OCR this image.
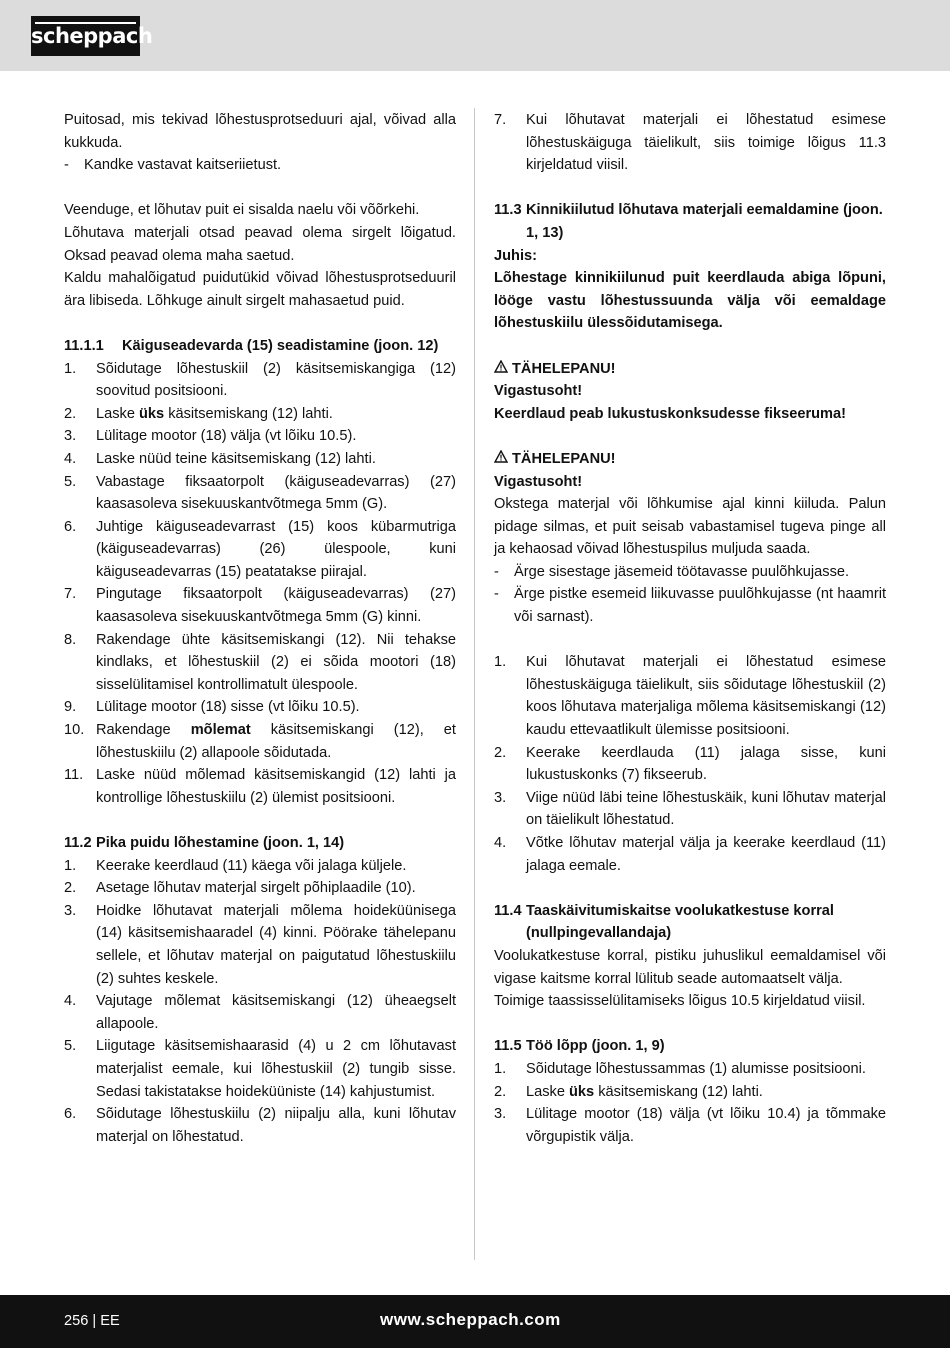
scheppach

Puitosad, mis tekivad lõhestusprotseduuri ajal, võivad alla kukkuda.

-	Kandke vastavat kaitseriietust.

Veenduge, et lõhutav puit ei sisalda naelu või võõrkehi.

Lõhutava materjali otsad peavad olema sirgelt lõigatud. Oksad peavad olema maha saetud.

Kaldu mahalõigatud puidutükid võivad lõhestusprotseduuril ära libiseda. Lõhkuge ainult sirgelt mahasaetud puid.

11.1.1	Käiguseadevarda (15) seadistamine (joon. 12)
1.	Sõidutage lõhestuskiil (2) käsitsemiskangiga (12) soovitud positsiooni.
2.	Laske üks käsitsemiskang (12) lahti.
3.	Lülitage mootor (18) välja (vt lõiku 10.5).
4.	Laske nüüd teine käsitsemiskang (12) lahti.
5.	Vabastage fiksaatorpolt (käiguseadevarras) (27) kaasasoleva sisekuuskantvõtmega 5mm (G).
6.	Juhtige käiguseadevarrast (15) koos kübarmutriga (käiguseadevarras) (26) ülespoole, kuni käiguseadevarras (15) peatatakse piirajal.
7.	Pingutage fiksaatorpolt (käiguseadevarras) (27) kaasasoleva sisekuuskantvõtmega 5mm (G) kinni.
8.	Rakendage ühte käsitsemiskangi (12). Nii tehakse kindlaks, et lõhestuskiil (2) ei sõida mootori (18) sisselülitamisel kontrollimatult ülespoole.
9.	Lülitage mootor (18) sisse (vt lõiku 10.5).
10. Rakendage mõlemat käsitsemiskangi (12), et lõhestuskiilu (2) allapoole sõidutada.
11. Laske nüüd mõlemad käsitsemiskangid (12) lahti ja kontrollige lõhestuskiilu (2) ülemist positsiooni.
11.2 Pika puidu lõhestamine (joon. 1, 14)
1.	Keerake keerdlaud (11) käega või jalaga küljele.
2.	Asetage lõhutav materjal sirgelt põhiplaadile (10).
3.	Hoidke lõhutavat materjali mõlema hoideküünisega (14) käsitsemishaaradel (4) kinni. Pöörake tähelepanu sellele, et lõhutav materjal on paigutatud lõhestuskiilu (2) suhtes keskele.
4.	Vajutage mõlemat käsitsemiskangi (12) üheaegselt allapoole.
5.	Liigutage käsitsemishaarasid (4) u 2 cm lõhutavast materjalist eemale, kui lõhestuskiil (2) tungib sisse. Sedasi takistatakse hoideküüniste (14) kahjustumist.
6.	Sõidutage lõhestuskiilu (2) niipalju alla, kuni lõhutav materjal on lõhestatud.
7.	Kui lõhutavat materjali ei lõhestatud esimese lõhestuskäiguga täielikult, siis toimige lõigus 11.3 kirjeldatud viisil.
11.3 Kinnikiilutud lõhutava materjali eemaldamine (joon. 1, 13)

Juhis:

Lõhestage kinnikiilunud puit keerdlauda abiga lõpuni, lööge vastu lõhestussuunda välja või eemaldage lõhestuskiilu ülessõidutamisega.

TÄHELEPANU!

Vigastusoht!

Keerdlaud peab lukustuskonksudesse fikseeruma!

TÄHELEPANU!

Vigastusoht!

Okstega materjal või lõhkumise ajal kinni kiiluda. Palun pidage silmas, et puit seisab vabastamisel tugeva pinge all ja kehaosad võivad lõhestuspilus muljuda saada.

-	Ärge sisestage jäsemeid töötavasse puulõhkujasse.
-	Ärge pistke esemeid liikuvasse puulõhkujasse (nt haamrit või sarnast).
1.	Kui lõhutavat materjali ei lõhestatud esimese lõhestuskäiguga täielikult, siis sõidutage lõhestuskiil (2) koos lõhutava materjaliga mõlema käsitsemiskangi (12) kaudu ettevaatlikult ülemisse positsiooni.
2.	Keerake keerdlauda (11) jalaga sisse, kuni lukustuskonks (7) fikseerub.
3.	Viige nüüd läbi teine lõhestuskäik, kuni lõhutav materjal on täielikult lõhestatud.
4.	Võtke lõhutav materjal välja ja keerake keerdlaud (11) jalaga eemale.
11.4 Taaskäivitumiskaitse voolukatkestuse korral (nullpingevallandaja)

Voolukatkestuse korral, pistiku juhuslikul eemaldamisel või vigase kaitsme korral lülitub seade automaatselt välja.

Toimige taassisselülitamiseks lõigus 10.5 kirjeldatud viisil.

11.5 Töö lõpp (joon. 1, 9)
1.	Sõidutage lõhestussammas (1) alumisse positsiooni.
2.	Laske üks käsitsemiskang (12) lahti.
3.	Lülitage mootor (18) välja (vt lõiku 10.4) ja tõmmake võrgupistik välja.
256 | EE	www.scheppach.com
